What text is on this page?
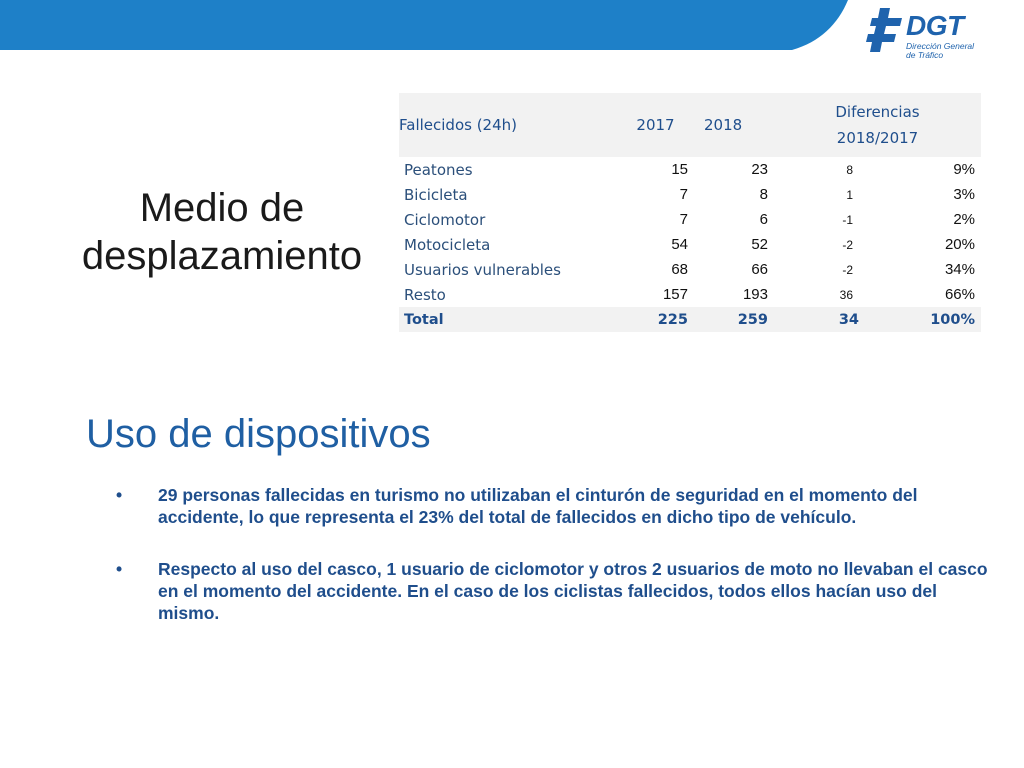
DGT
Dirección General
de Tráfico
Medio de
desplazamiento
Fallecidos (24h)	2017	2018	Diferencias
2018/2017	

Peatones	15	23	8	9%
Bicicleta	7	8	1	3%
Ciclomotor	7	6	-1	2%
Motocicleta	54	52	-2	20%
Usuarios vulnerables	68	66	-2	34%
Resto	157	193	36	66%
Total	225	259	34	100%
Uso de dispositivos
• 29 personas fallecidas en turismo no utilizaban el cinturón de seguridad en el momento del accidente, lo que representa el 23% del total de fallecidos en dicho tipo de vehículo.
• Respecto al uso del casco, 1 usuario de ciclomotor y otros 2 usuarios de moto no llevaban el casco en el momento del accidente. En el caso de los ciclistas fallecidos, todos ellos hacían uso del mismo.
